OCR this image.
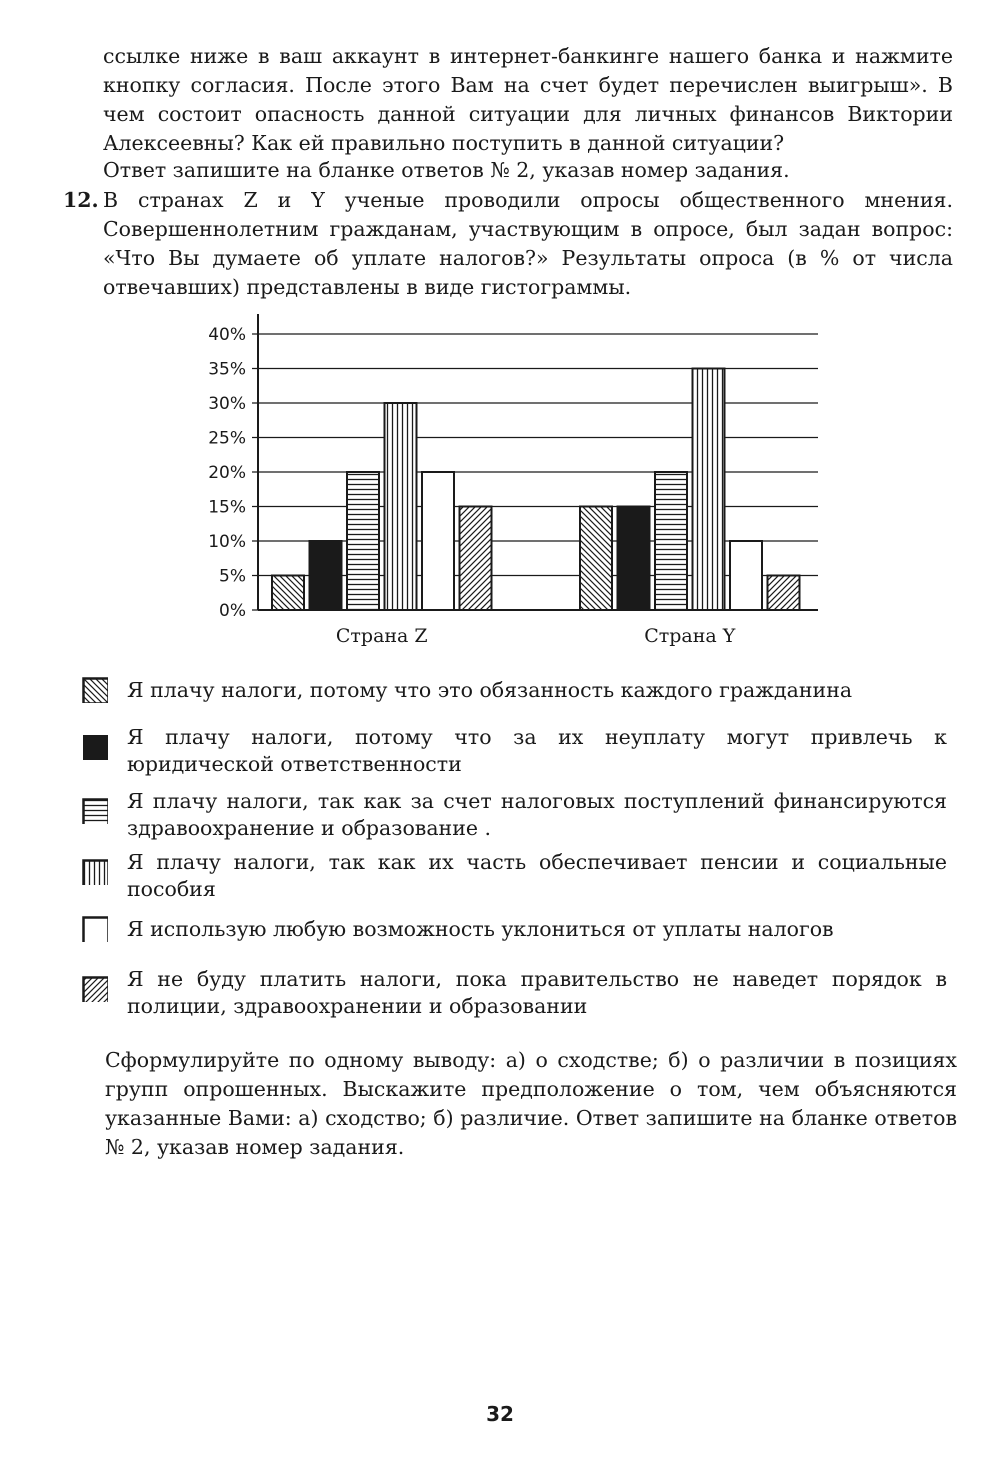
ссылке ниже в ваш аккаунт в интернет-банкинге нашего банка и нажмите кнопку согласия. После этого Вам на счет будет перечислен выигрыш». В чем состоит опасность данной ситуации для личных финансов Виктории Алексеевны? Как ей правильно поступить в данной ситуации?

Ответ запишите на бланке ответов № 2, указав номер задания.

12. В странах Z и Y ученые проводили опросы общественного мнения. Совершеннолетним гражданам, участвующим в опросе, был задан вопрос: «Что Вы думаете об уплате налогов?» Результаты опроса (в % от числа отвечавших) представлены в виде гистограммы.
0%
5%
10%
15%
20%
25%
30%
35%
40%
Страна Z	Страна Y

Я плачу налоги, потому что это обязанность каждого гражданина

Я плачу налоги, потому что за их неуплату могут привлечь к юридической ответственности

Я плачу налоги, так как за счет налоговых поступлений финансируются здравоохранение и образование .

Я плачу налоги, так как их часть обеспечивает пенсии и социальные пособия

Я использую любую возможность уклониться от уплаты налогов

Я не буду платить налоги, пока правительство не наведет порядок в полиции, здравоохранении и образовании

Сформулируйте по одному выводу: а) о сходстве; б) о различии в позициях групп опрошенных. Выскажите предположение о том, чем объясняются указанные Вами: а) сходство; б) различие. Ответ запишите на бланке ответов № 2, указав номер задания.

32
